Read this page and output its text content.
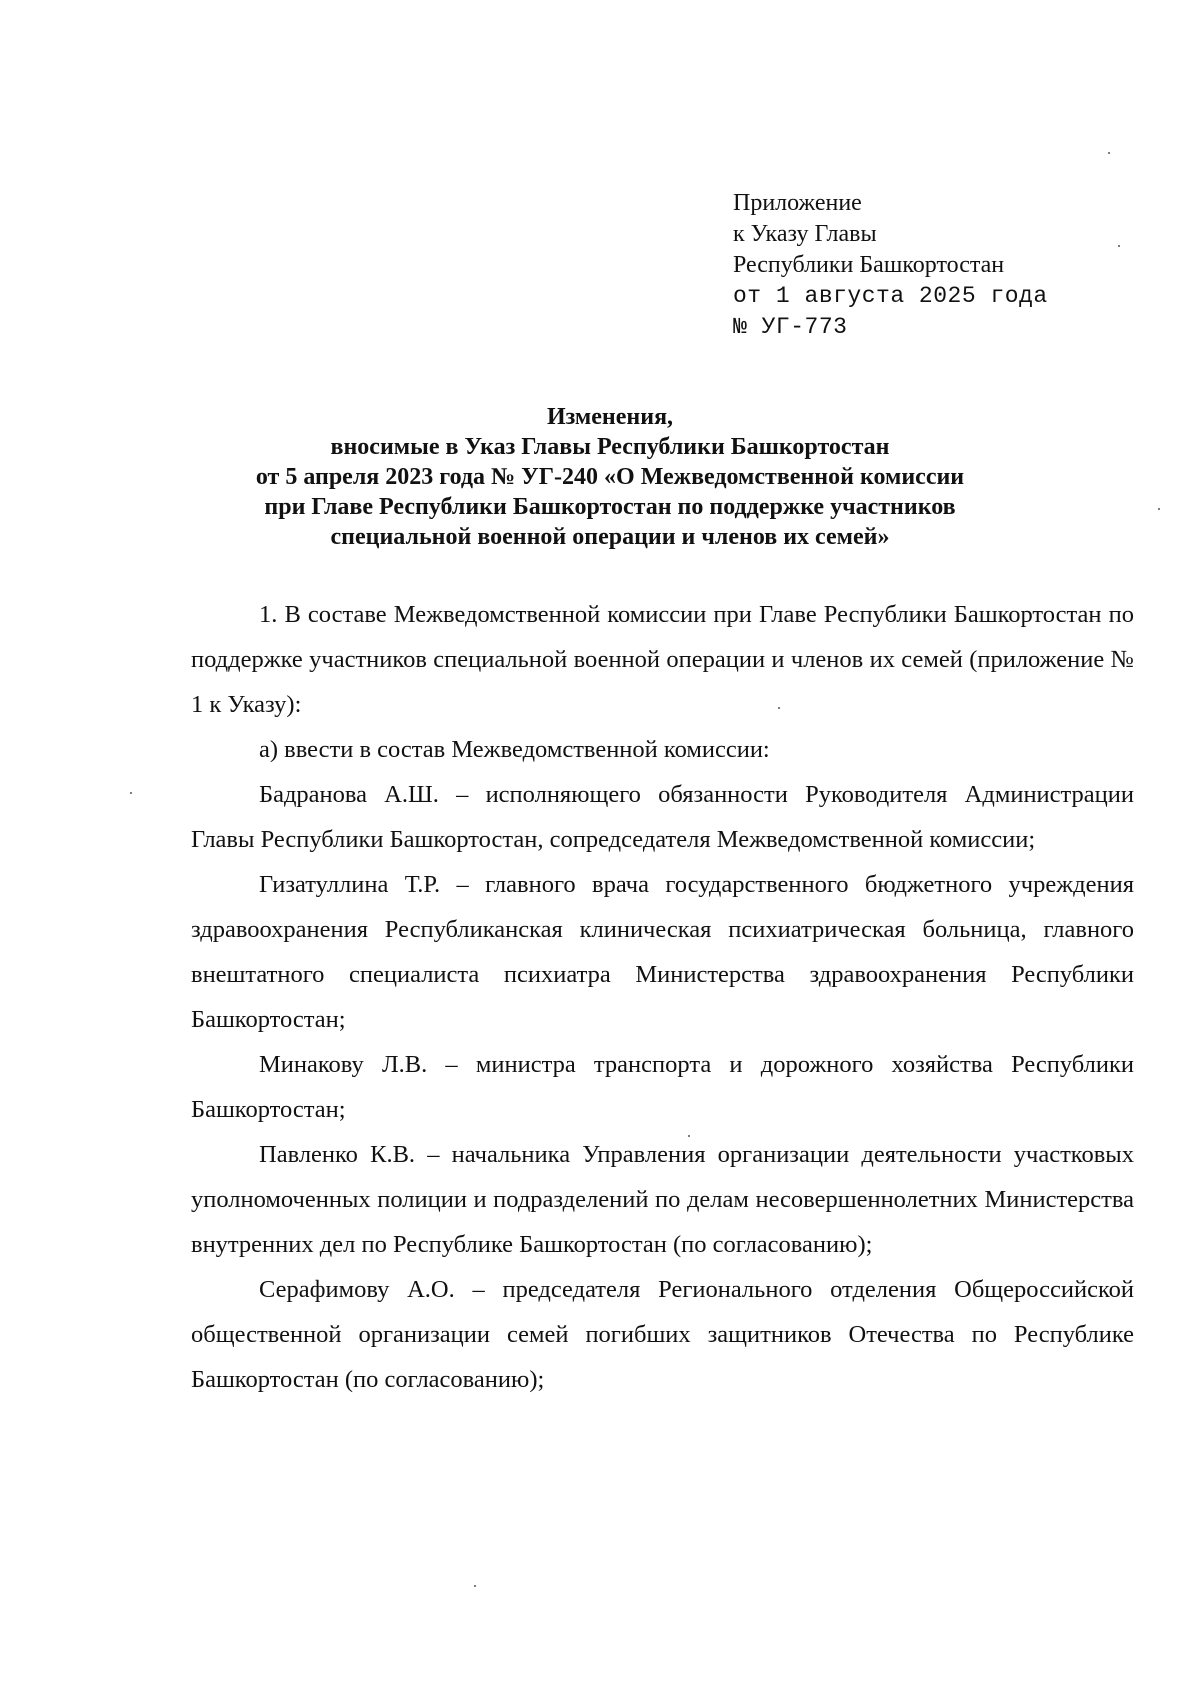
Приложение
к Указу Главы
Республики Башкортостан
от 1 августа 2025 года
№ УГ-773
Изменения,
вносимые в Указ Главы Республики Башкортостан
от 5 апреля 2023 года № УГ-240 «О Межведомственной комиссии
при Главе Республики Башкортостан по поддержке участников
специальной военной операции и членов их семей»

1. В составе Межведомственной комиссии при Главе Республики Башкортостан по поддержке участников специальной военной операции и членов их семей (приложение № 1 к Указу):

а) ввести в состав Межведомственной комиссии:

Бадранова А.Ш. – исполняющего обязанности Руководителя Администрации Главы Республики Башкортостан, сопредседателя Межведомственной комиссии;

Гизатуллина Т.Р. – главного врача государственного бюджетного учреждения здравоохранения Республиканская клиническая психиатрическая больница, главного внештатного специалиста психиатра Министерства здравоохранения Республики Башкортостан;

Минакову Л.В. – министра транспорта и дорожного хозяйства Республики Башкортостан;

Павленко К.В. – начальника Управления организации деятельности участковых уполномоченных полиции и подразделений по делам несовершеннолетних Министерства внутренних дел по Республике Башкортостан (по согласованию);

Серафимову А.О. – председателя Регионального отделения Общероссийской общественной организации семей погибших защитников Отечества по Республике Башкортостан (по согласованию);
